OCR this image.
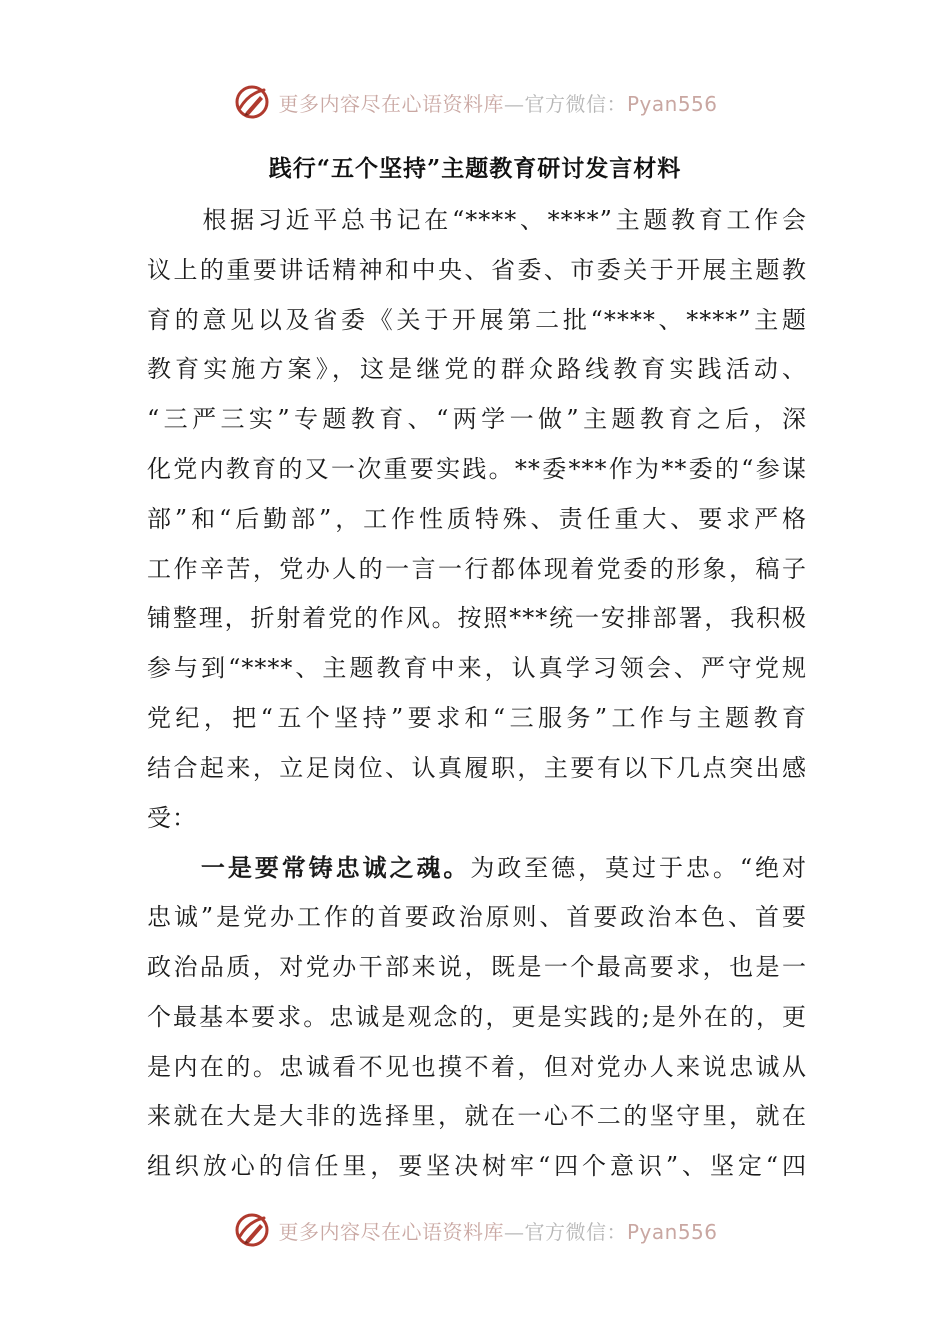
更多内容尽在心语资料库—官方微信：Pyan556
践行“五个坚持”主题教育研讨发言材料
　　根据习近平总书记在“****、****”主题教育工作会
议上的重要讲话精神和中央、省委、市委关于开展主题教
育的意见以及省委《关于开展第二批“****、****”主题
教育实施方案》，这是继党的群众路线教育实践活动、
“三严三实”专题教育、“两学一做”主题教育之后，深
化党内教育的又一次重要实践。**委***作为**委的“参谋
部”和“后勤部”，工作性质特殊、责任重大、要求严格
工作辛苦，党办人的一言一行都体现着党委的形象，稿子
铺整理，折射着党的作风。按照***统一安排部署，我积极
参与到“****、主题教育中来，认真学习领会、严守党规
党纪，把“五个坚持”要求和“三服务”工作与主题教育
结合起来，立足岗位、认真履职，主要有以下几点突出感
受：
　　一是要常铸忠诚之魂。为政至德，莫过于忠。“绝对
忠诚”是党办工作的首要政治原则、首要政治本色、首要
政治品质，对党办干部来说，既是一个最高要求，也是一
个最基本要求。忠诚是观念的，更是实践的;是外在的，更
是内在的。忠诚看不见也摸不着，但对党办人来说忠诚从
来就在大是大非的选择里，就在一心不二的坚守里，就在
组织放心的信任里，要坚决树牢“四个意识”、坚定“四
更多内容尽在心语资料库—官方微信：Pyan556
